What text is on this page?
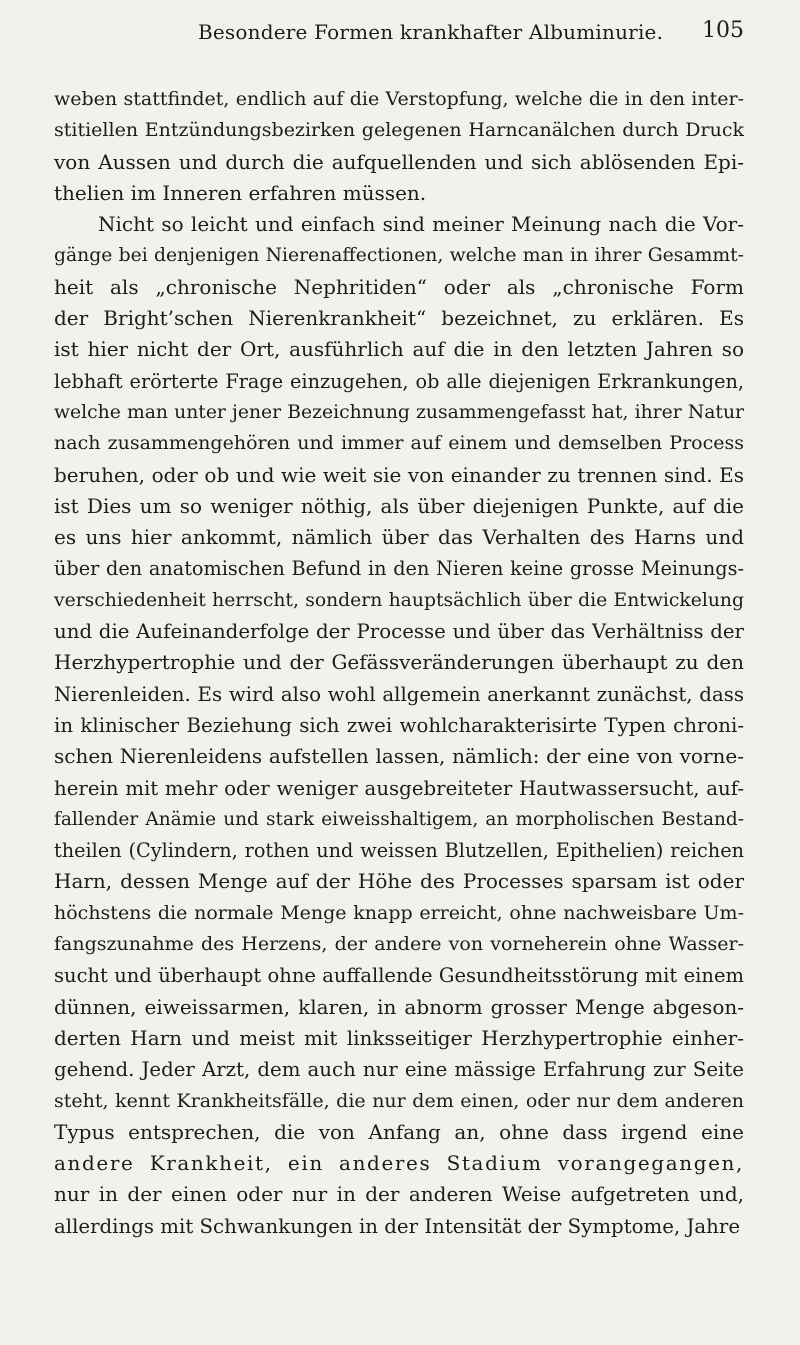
Besondere Formen krankhafter Albuminurie.	105
weben stattfindet, endlich auf die Verstopfung, welche die in den inter-
stitiellen Entzündungsbezirken gelegenen Harncanälchen durch Druck
von Aussen und durch die aufquellenden und sich ablösenden Epi-
thelien im Inneren erfahren müssen.
Nicht so leicht und einfach sind meiner Meinung nach die Vor-
gänge bei denjenigen Nierenaffectionen, welche man in ihrer Gesammt-
heit als „chronische Nephritiden“ oder als „chronische Form
der Bright’schen Nierenkrankheit“ bezeichnet, zu erklären. Es
ist hier nicht der Ort, ausführlich auf die in den letzten Jahren so
lebhaft erörterte Frage einzugehen, ob alle diejenigen Erkrankungen,
welche man unter jener Bezeichnung zusammengefasst hat, ihrer Natur
nach zusammengehören und immer auf einem und demselben Process
beruhen, oder ob und wie weit sie von einander zu trennen sind. Es
ist Dies um so weniger nöthig, als über diejenigen Punkte, auf die
es uns hier ankommt, nämlich über das Verhalten des Harns und
über den anatomischen Befund in den Nieren keine grosse Meinungs-
verschiedenheit herrscht, sondern hauptsächlich über die Entwickelung
und die Aufeinanderfolge der Processe und über das Verhältniss der
Herzhypertrophie und der Gefässveränderungen überhaupt zu den
Nierenleiden. Es wird also wohl allgemein anerkannt zunächst, dass
in klinischer Beziehung sich zwei wohlcharakterisirte Typen chroni-
schen Nierenleidens aufstellen lassen, nämlich: der eine von vorne-
herein mit mehr oder weniger ausgebreiteter Hautwassersucht, auf-
fallender Anämie und stark eiweisshaltigem, an morpholischen Bestand-
theilen (Cylindern, rothen und weissen Blutzellen, Epithelien) reichen
Harn, dessen Menge auf der Höhe des Processes sparsam ist oder
höchstens die normale Menge knapp erreicht, ohne nachweisbare Um-
fangszunahme des Herzens, der andere von vorneherein ohne Wasser-
sucht und überhaupt ohne auffallende Gesundheitsstörung mit einem
dünnen, eiweissarmen, klaren, in abnorm grosser Menge abgeson-
derten Harn und meist mit linksseitiger Herzhypertrophie einher-
gehend. Jeder Arzt, dem auch nur eine mässige Erfahrung zur Seite
steht, kennt Krankheitsfälle, die nur dem einen, oder nur dem anderen
Typus entsprechen, die von Anfang an, ohne dass irgend eine
andere Krankheit, ein anderes Stadium vorangegangen,
nur in der einen oder nur in der anderen Weise aufgetreten und,
allerdings mit Schwankungen in der Intensität der Symptome, Jahre
